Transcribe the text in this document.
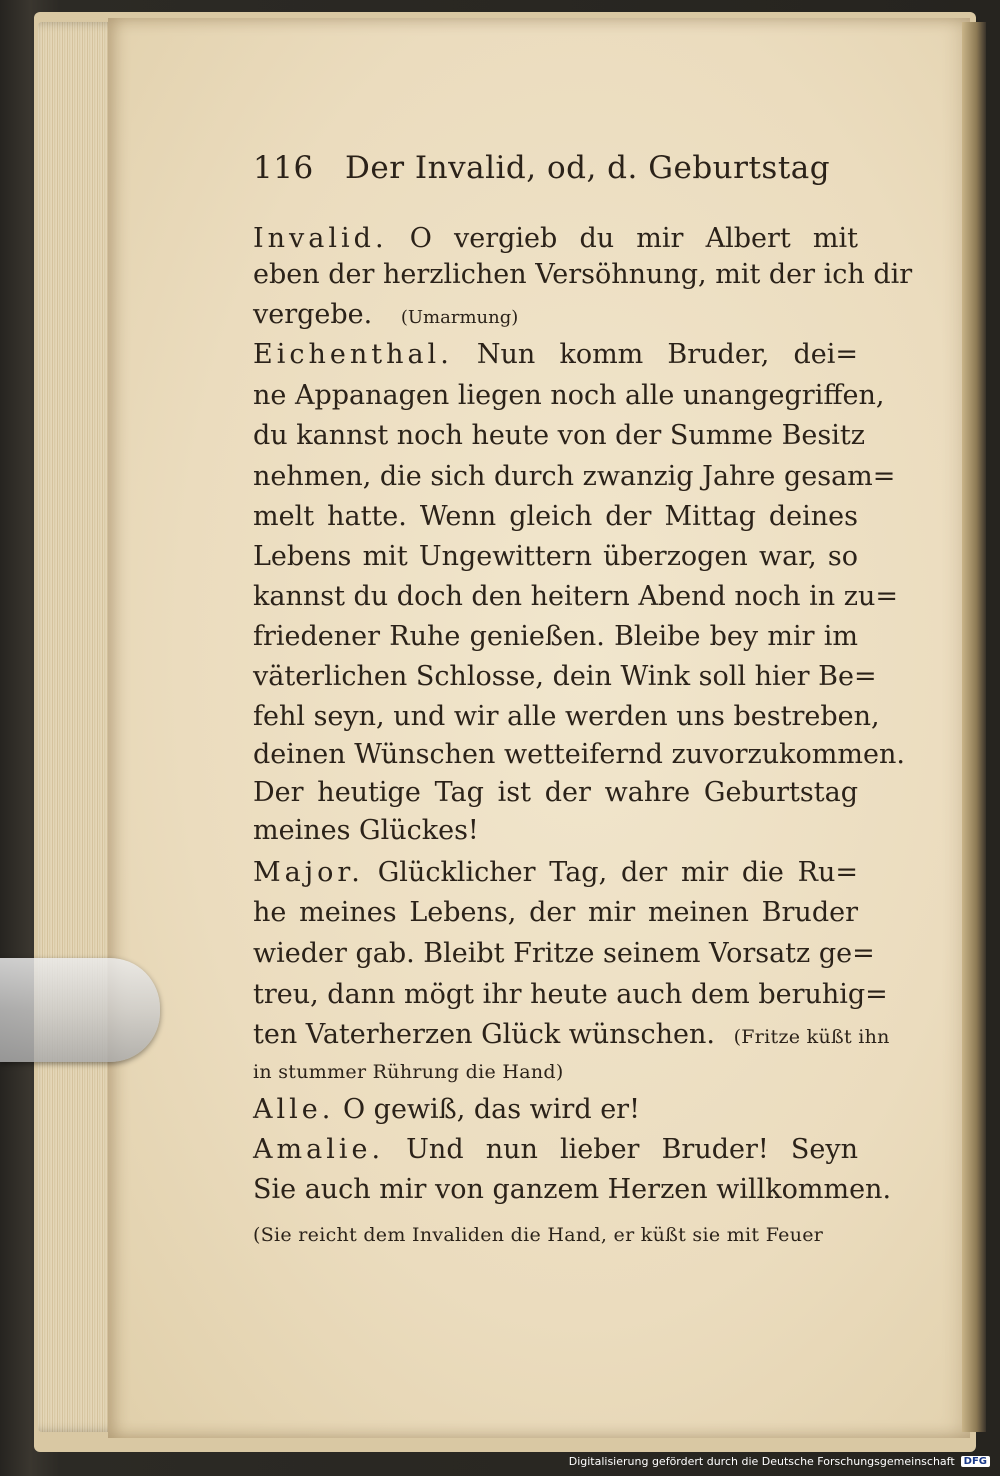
116	Der Invalid, od, d. Geburtstag
Invalid. O vergieb du mir Albert mit
eben der herzlichen Versöhnung, mit der ich dir
vergebe. (Umarmung)
Eichenthal. Nun komm Bruder, dei=
ne Appanagen liegen noch alle unangegriffen,
du kannst noch heute von der Summe Besitz
nehmen, die sich durch zwanzig Jahre gesam=
melt hatte. Wenn gleich der Mittag deines
Lebens mit Ungewittern überzogen war, so
kannst du doch den heitern Abend noch in zu=
friedener Ruhe genießen. Bleibe bey mir im
väterlichen Schlosse, dein Wink soll hier Be=
fehl seyn, und wir alle werden uns bestreben,
deinen Wünschen wetteifernd zuvorzukommen.
Der heutige Tag ist der wahre Geburtstag
meines Glückes!
Major. Glücklicher Tag, der mir die Ru=
he meines Lebens, der mir meinen Bruder
wieder gab. Bleibt Fritze seinem Vorsatz ge=
treu, dann mögt ihr heute auch dem beruhig=
ten Vaterherzen Glück wünschen. (Fritze küßt ihn
in stummer Rührung die Hand)
Alle. O gewiß, das wird er!
Amalie. Und nun lieber Bruder! Seyn
Sie auch mir von ganzem Herzen willkommen.
(Sie reicht dem Invaliden die Hand, er küßt sie mit Feuer
Digitalisierung gefördert durch die Deutsche Forschungsgemeinschaft DFG
